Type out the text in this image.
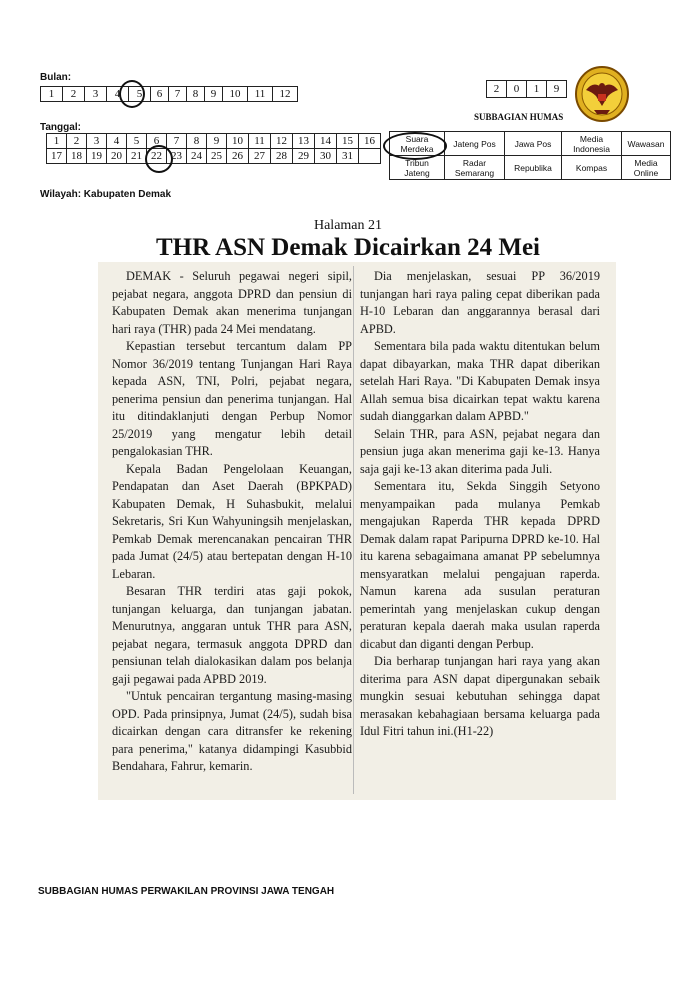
Bulan:
1	2	3	4	5	6	7	8	9	10	11	12
Tanggal:
1	2	3	4	5	6	7	8	9	10	11	12	13	14	15	16
17	18	19	20	21	22	23	24	25	26	27	28	29	30	31	
Wilayah: Kabupaten Demak
2	0	1	9
SUBBAGIAN HUMAS
Suara Merdeka	Jateng Pos	Jawa Pos	Media Indonesia	Wawasan
Tribun Jateng	Radar Semarang	Republika	Kompas	Media Online
Halaman 21
THR ASN Demak Dicairkan 24 Mei

DEMAK - Seluruh pegawai negeri sipil, pejabat negara, anggota DPRD dan pensiun di Kabupaten Demak akan menerima tunjangan hari raya (THR) pada 24 Mei mendatang.

Kepastian tersebut tercantum dalam PP Nomor 36/2019 tentang Tunjangan Hari Raya kepada ASN, TNI, Polri, pejabat negara, penerima pensiun dan penerima tunjangan. Hal itu ditindaklanjuti dengan Perbup Nomor 25/2019 yang mengatur lebih detail pengalokasian THR.

Kepala Badan Pengelolaan Keuangan, Pendapatan dan Aset Daerah (BPKPAD) Kabupaten Demak, H Suhasbukit, melalui Sekretaris, Sri Kun Wahyuningsih menjelaskan, Pemkab Demak merencanakan pencairan THR pada Jumat (24/5) atau bertepatan dengan H-10 Lebaran.

Besaran THR terdiri atas gaji pokok, tunjangan keluarga, dan tunjangan jabatan. Menurutnya, anggaran untuk THR para ASN, pejabat negara, termasuk anggota DPRD dan pensiunan telah dialokasikan dalam pos belanja gaji pegawai pada APBD 2019.

"Untuk pencairan tergantung masing-masing OPD. Pada prinsipnya, Jumat (24/5), sudah bisa dicairkan dengan cara ditransfer ke rekening para penerima," katanya didampingi Kasubbid Bendahara, Fahrur, kemarin.

Dia menjelaskan, sesuai PP 36/2019 tunjangan hari raya paling cepat diberikan pada H-10 Lebaran dan anggarannya berasal dari APBD.

Sementara bila pada waktu ditentukan belum dapat dibayarkan, maka THR dapat diberikan setelah Hari Raya. "Di Kabupaten Demak insya Allah semua bisa dicairkan tepat waktu karena sudah dianggarkan dalam APBD."

Selain THR, para ASN, pejabat negara dan pensiun juga akan menerima gaji ke-13. Hanya saja gaji ke-13 akan diterima pada Juli.

Sementara itu, Sekda Singgih Setyono menyampaikan pada mulanya Pemkab mengajukan Raperda THR kepada DPRD Demak dalam rapat Paripurna DPRD ke-10. Hal itu karena sebagaimana amanat PP sebelumnya mensyaratkan melalui pengajuan raperda. Namun karena ada susulan peraturan pemerintah yang menjelaskan cukup dengan peraturan kepala daerah maka usulan raperda dicabut dan diganti dengan Perbup.

Dia berharap tunjangan hari raya yang akan diterima para ASN dapat dipergunakan sebaik mungkin sesuai kebutuhan sehingga dapat merasakan kebahagiaan bersama keluarga pada Idul Fitri tahun ini.(H1-22)

SUBBAGIAN HUMAS PERWAKILAN PROVINSI JAWA TENGAH
